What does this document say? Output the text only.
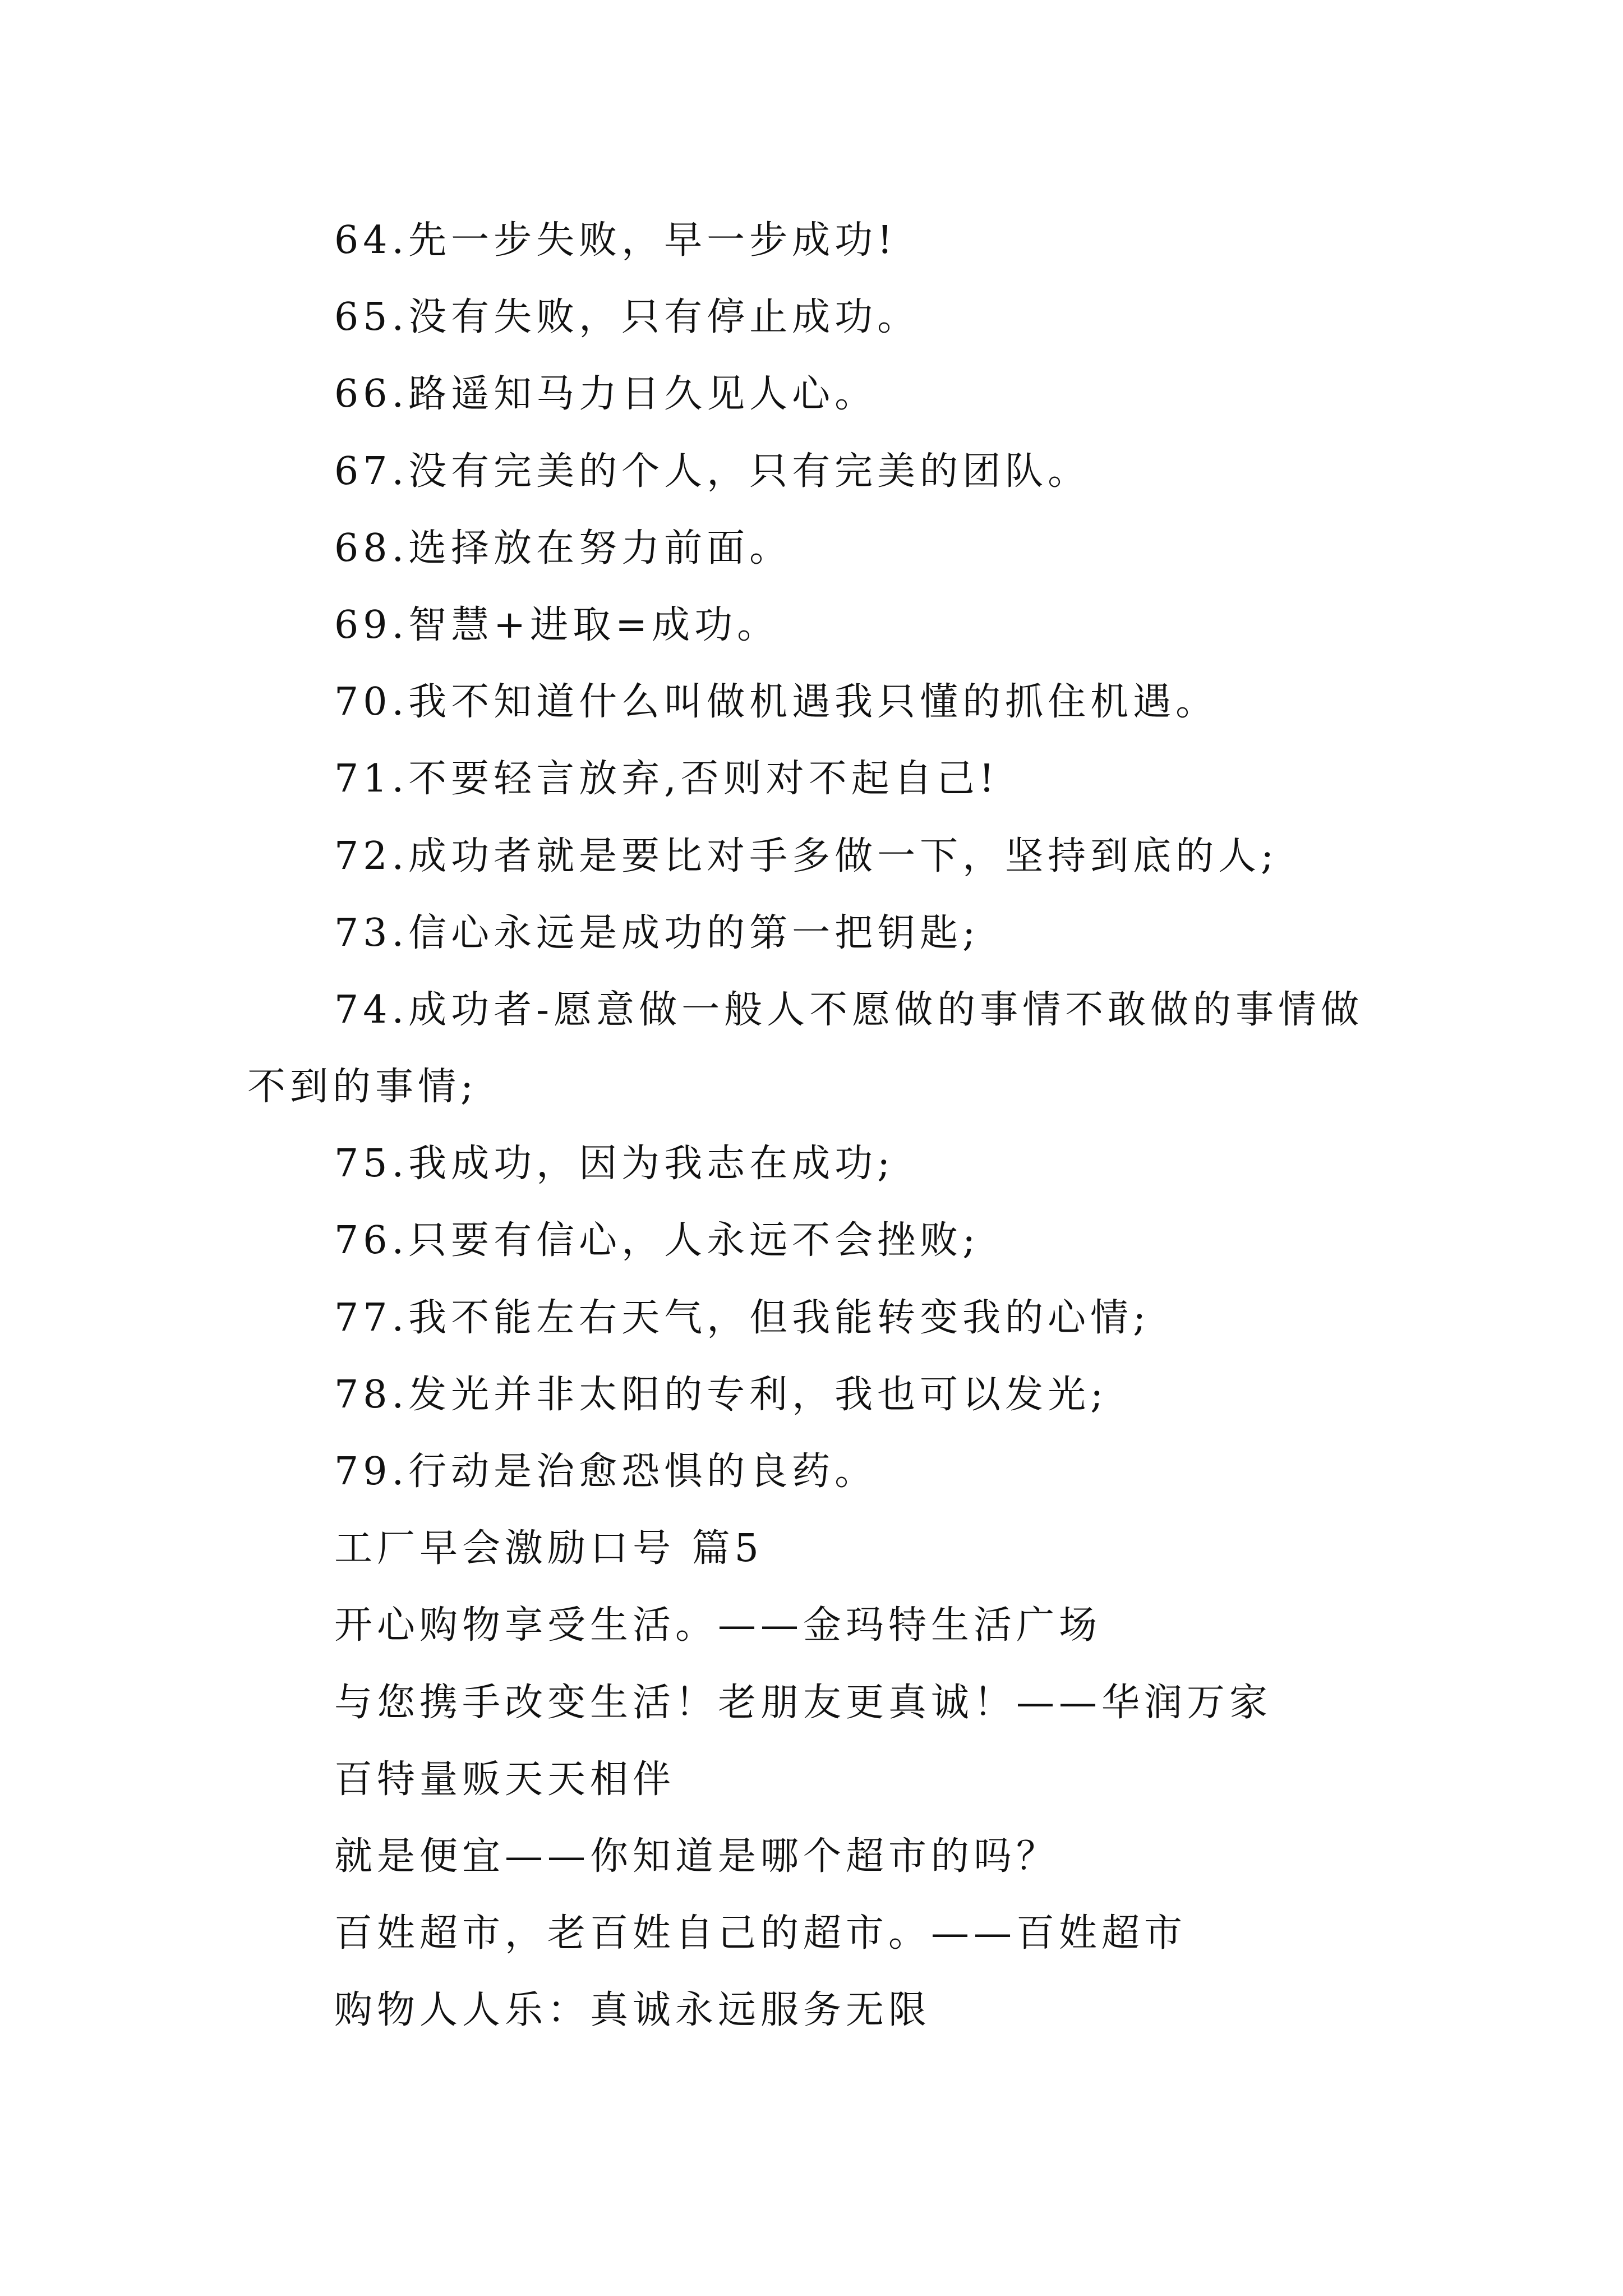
64.先一步失败，早一步成功!
65.没有失败，只有停止成功。
66.路遥知马力日久见人心。
67.没有完美的个人，只有完美的团队。
68.选择放在努力前面。
69.智慧+进取=成功。
70.我不知道什么叫做机遇我只懂的抓住机遇。
71.不要轻言放弃,否则对不起自己!
72.成功者就是要比对手多做一下，坚持到底的人;
73.信心永远是成功的第一把钥匙;
74.成功者-愿意做一般人不愿做的事情不敢做的事情做不到的事情;
75.我成功，因为我志在成功;
76.只要有信心，人永远不会挫败;
77.我不能左右天气，但我能转变我的心情;
78.发光并非太阳的专利，我也可以发光;
79.行动是治愈恐惧的良药。
工厂早会激励口号 篇5
开心购物享受生活。——金玛特生活广场
与您携手改变生活！老朋友更真诚！——华润万家
百特量贩天天相伴
就是便宜——你知道是哪个超市的吗？
百姓超市，老百姓自己的超市。——百姓超市
购物人人乐：真诚永远服务无限
